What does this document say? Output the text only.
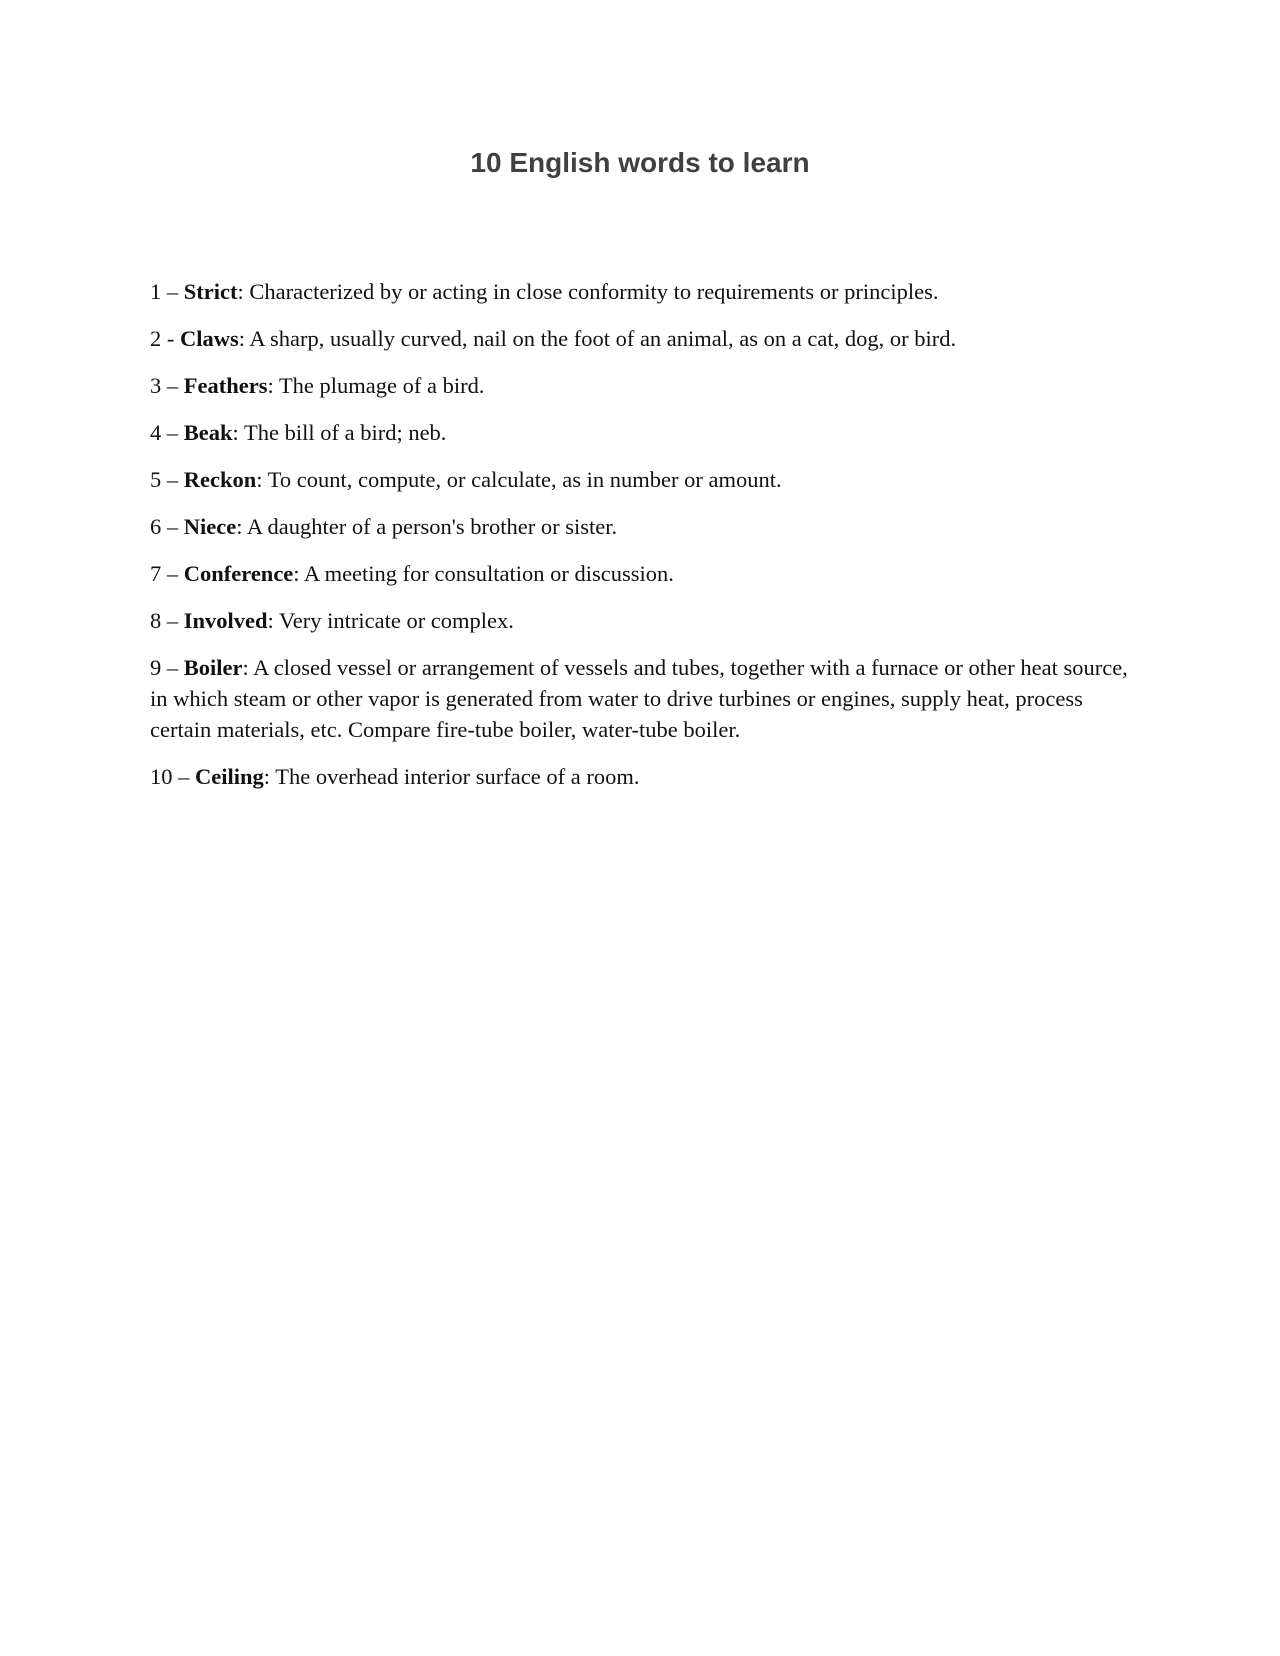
10 English words to learn

1 – Strict: Characterized by or acting in close conformity to requirements or principles.

2 - Claws: A sharp, usually curved, nail on the foot of an animal, as on a cat, dog, or bird.

3 – Feathers: The plumage of a bird.

4 – Beak: The bill of a bird; neb.

5 – Reckon: To count, compute, or calculate, as in number or amount.

6 – Niece: A daughter of a person's brother or sister.

7 – Conference: A meeting for consultation or discussion.

8 – Involved: Very intricate or complex.

9 – Boiler: A closed vessel or arrangement of vessels and tubes, together with a furnace or other heat source, in which steam or other vapor is generated from water to drive turbines or engines, supply heat, process certain materials, etc. Compare fire-tube boiler, water-tube boiler.

10 – Ceiling: The overhead interior surface of a room.
